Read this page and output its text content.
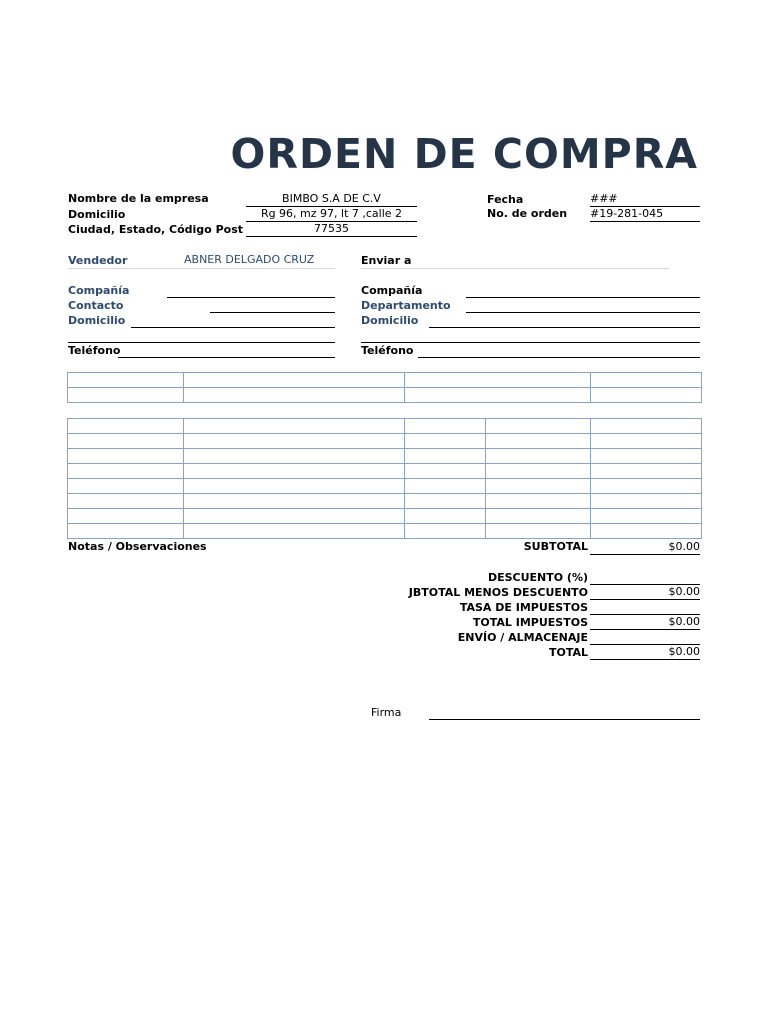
ORDEN DE COMPRA
Nombre de la empresa	BIMBO S.A DE C.V
Domicilio	Rg 96, mz 97, lt 7 ,calle 2
Ciudad, Estado, Código Post	77535
Fecha	###
No. de orden #19-281-045
Vendedor	ABNER DELGADO CRUZ
Compañía
Contacto
Domicilio
Teléfono
Enviar a
Compañía
Departamento
Domicilio
Teléfono

Notas / Observaciones	SUBTOTAL	$0.00
DESCUENTO (%)
JBTOTAL MENOS DESCUENTO	$0.00
TASA DE IMPUESTOS
TOTAL IMPUESTOS	$0.00
ENVÍO / ALMACENAJE
TOTAL	$0.00
Firma
